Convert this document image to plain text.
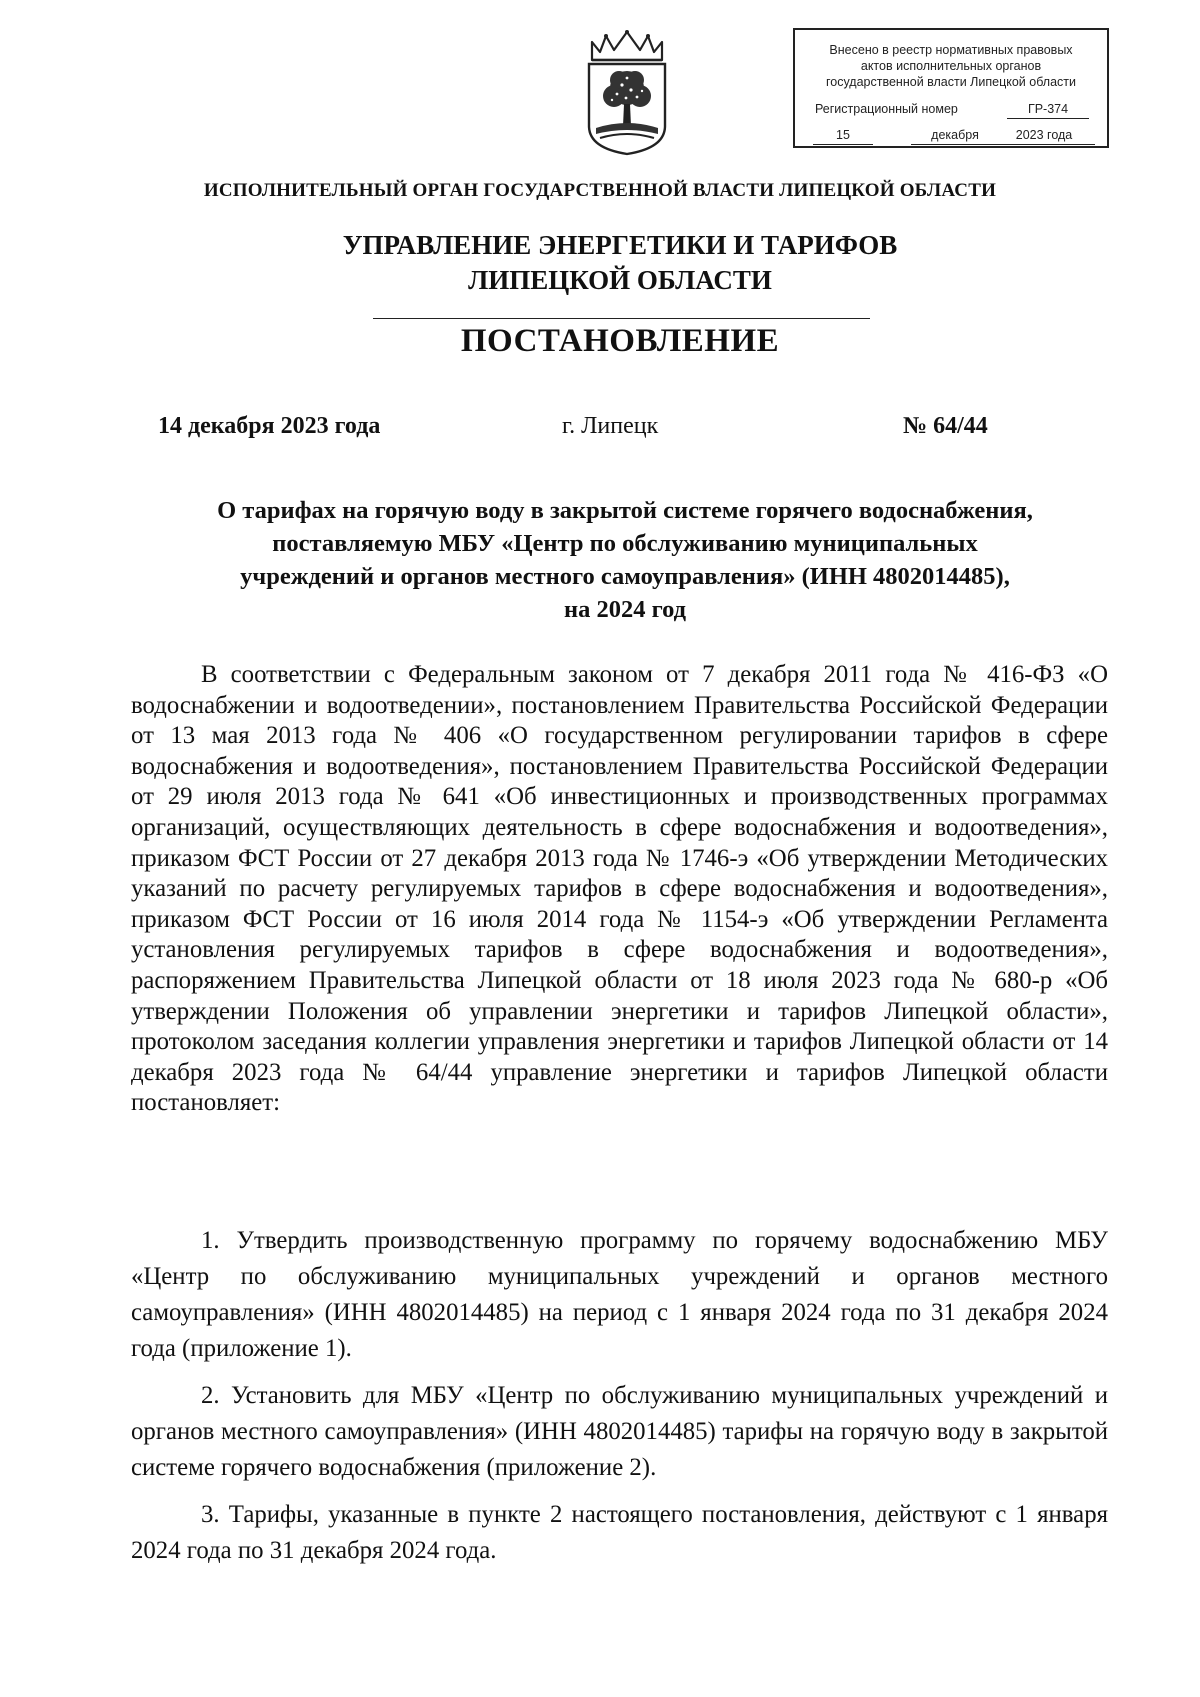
Внесено в реестр нормативных правовых
актов исполнительных органов
государственной власти Липецкой области
Регистрационный номер	ГР-374
15	декабря	2023 года
ИСПОЛНИТЕЛЬНЫЙ ОРГАН ГОСУДАРСТВЕННОЙ ВЛАСТИ ЛИПЕЦКОЙ ОБЛАСТИ
УПРАВЛЕНИЕ ЭНЕРГЕТИКИ И ТАРИФОВ
ЛИПЕЦКОЙ ОБЛАСТИ
ПОСТАНОВЛЕНИЕ
14 декабря 2023 года	г. Липецк	№ 64/44
О тарифах на горячую воду в закрытой системе горячего водоснабжения,
поставляемую МБУ «Центр по обслуживанию муниципальных
учреждений и органов местного самоуправления» (ИНН 4802014485),
на 2024 год

В соответствии с Федеральным законом от 7 декабря 2011 года № 416-ФЗ «О водоснабжении и водоотведении», постановлением Правительства Российской Федерации от 13 мая 2013 года № 406 «О государственном регулировании тарифов в сфере водоснабжения и водоотведения», постановлением Правительства Российской Федерации от 29 июля 2013 года № 641 «Об инвестиционных и производственных программах организаций, осуществляющих деятельность в сфере водоснабжения и водоотведения», приказом ФСТ России от 27 декабря 2013 года № 1746-э «Об утверждении Методических указаний по расчету регулируемых тарифов в сфере водоснабжения и водоотведения», приказом ФСТ России от 16 июля 2014 года № 1154-э «Об утверждении Регламента установления регулируемых тарифов в сфере водоснабжения и водоотведения», распоряжением Правительства Липецкой области от 18 июля 2023 года № 680-р «Об утверждении Положения об управлении энергетики и тарифов Липецкой области», протоколом заседания коллегии управления энергетики и тарифов Липецкой области от 14 декабря 2023 года № 64/44 управление энергетики и тарифов Липецкой области постановляет:

1. Утвердить производственную программу по горячему водоснабжению МБУ «Центр по обслуживанию муниципальных учреждений и органов местного самоуправления» (ИНН 4802014485) на период с 1 января 2024 года по 31 декабря 2024 года (приложение 1).

2. Установить для МБУ «Центр по обслуживанию муниципальных учреждений и органов местного самоуправления» (ИНН 4802014485) тарифы на горячую воду в закрытой системе горячего водоснабжения (приложение 2).

3. Тарифы, указанные в пункте 2 настоящего постановления, действуют с 1 января 2024 года по 31 декабря 2024 года.
